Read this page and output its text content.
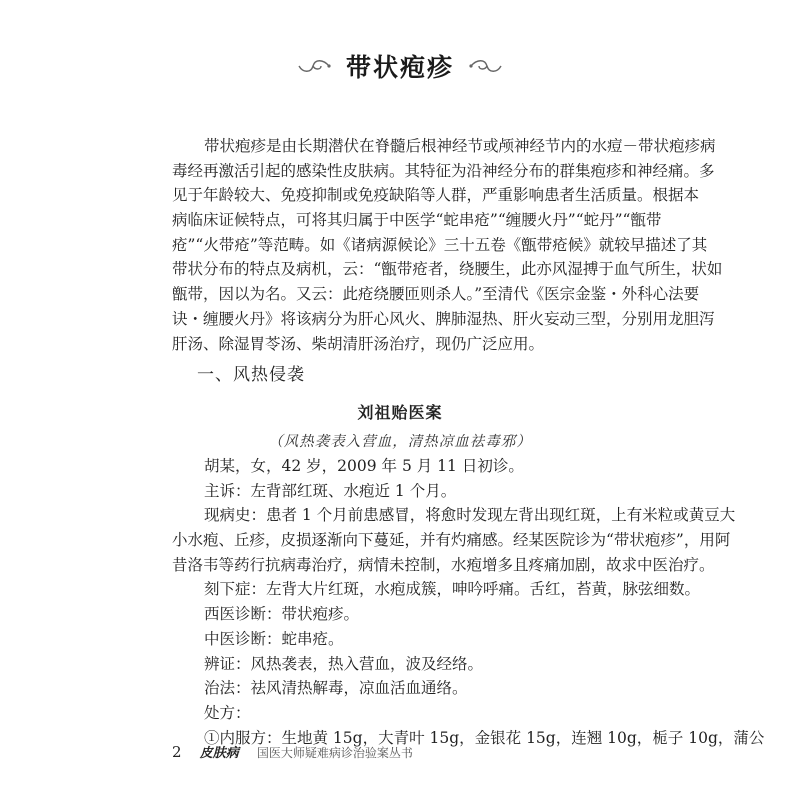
带状疱疹
带状疱疹是由长期潜伏在脊髓后根神经节或颅神经节内的水痘－带状疱疹病
毒经再激活引起的感染性皮肤病。其特征为沿神经分布的群集疱疹和神经痛。多
见于年龄较大、免疫抑制或免疫缺陷等人群，严重影响患者生活质量。根据本
病临床证候特点，可将其归属于中医学“蛇串疮”“缠腰火丹”“蛇丹”“甑带
疮”“火带疮”等范畴。如《诸病源候论》三十五卷《甑带疮候》就较早描述了其
带状分布的特点及病机，云：“甑带疮者，绕腰生，此亦风湿搏于血气所生，状如
甑带，因以为名。又云：此疮绕腰匝则杀人。”至清代《医宗金鉴・外科心法要
诀・缠腰火丹》将该病分为肝心风火、脾肺湿热、肝火妄动三型，分别用龙胆泻
肝汤、除湿胃苓汤、柴胡清肝汤治疗，现仍广泛应用。
一、风热侵袭
刘祖贻医案
（风热袭表入营血，清热凉血祛毒邪）
胡某，女，42 岁，2009 年 5 月 11 日初诊。
主诉：左背部红斑、水疱近 1 个月。
现病史：患者 1 个月前患感冒，将愈时发现左背出现红斑，上有米粒或黄豆大
小水疱、丘疹，皮损逐渐向下蔓延，并有灼痛感。经某医院诊为“带状疱疹”，用阿
昔洛韦等药行抗病毒治疗，病情未控制，水疱增多且疼痛加剧，故求中医治疗。
刻下症：左背大片红斑，水疱成簇，呻吟呼痛。舌红，苔黄，脉弦细数。
西医诊断：带状疱疹。
中医诊断：蛇串疮。
辨证：风热袭表，热入营血，波及经络。
治法：祛风清热解毒，凉血活血通络。
处方：
①内服方：生地黄 15g，大青叶 15g，金银花 15g，连翘 10g，栀子 10g，蒲公
2 皮肤病 国医大师疑难病诊治验案丛书
